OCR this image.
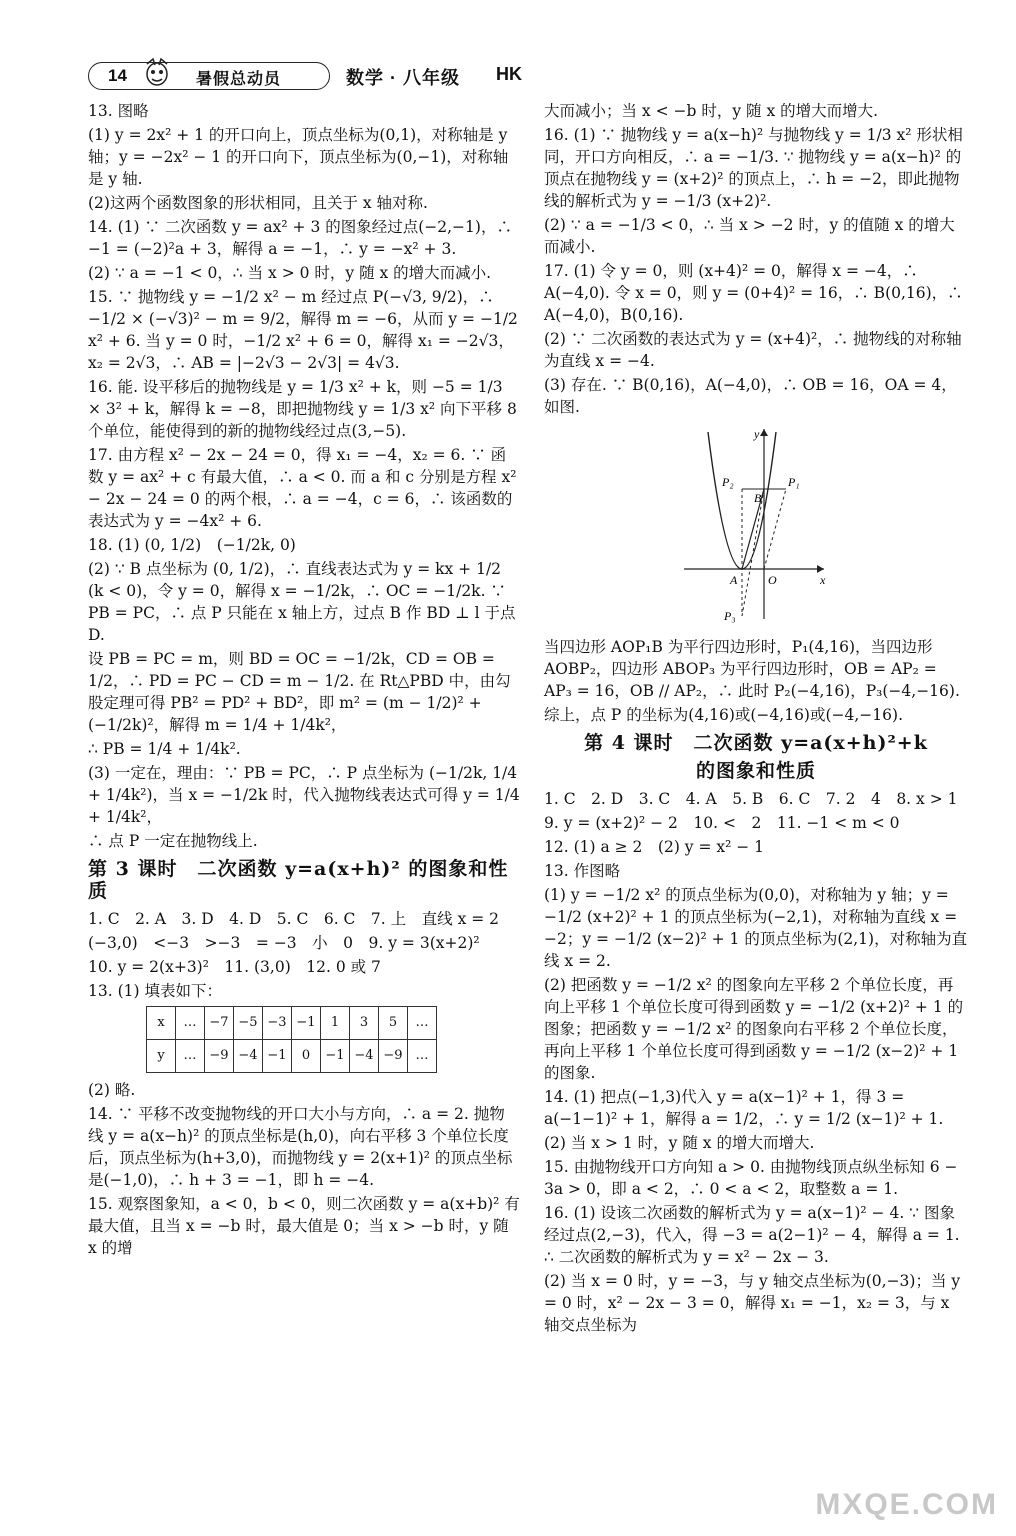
14	暑假总动员	数学 · 八年级 HK

13. 图略

(1) y = 2x² + 1 的开口向上，顶点坐标为(0,1)，对称轴是 y 轴；y = −2x² − 1 的开口向下，顶点坐标为(0,−1)，对称轴是 y 轴.

(2)这两个函数图象的形状相同，且关于 x 轴对称.

14. (1) ∵ 二次函数 y = ax² + 3 的图象经过点(−2,−1)，∴ −1 = (−2)²a + 3，解得 a = −1，∴ y = −x² + 3.

(2) ∵ a = −1 < 0，∴ 当 x > 0 时，y 随 x 的增大而减小.

15. ∵ 抛物线 y = −1/2 x² − m 经过点 P(−√3, 9/2)，∴ −1/2 × (−√3)² − m = 9/2，解得 m = −6，从而 y = −1/2 x² + 6. 当 y = 0 时，−1/2 x² + 6 = 0，解得 x₁ = −2√3，x₂ = 2√3，∴ AB = |−2√3 − 2√3| = 4√3.

16. 能. 设平移后的抛物线是 y = 1/3 x² + k，则 −5 = 1/3 × 3² + k，解得 k = −8，即把抛物线 y = 1/3 x² 向下平移 8 个单位，能使得到的新的抛物线经过点(3,−5).

17. 由方程 x² − 2x − 24 = 0，得 x₁ = −4，x₂ = 6. ∵ 函数 y = ax² + c 有最大值，∴ a < 0. 而 a 和 c 分别是方程 x² − 2x − 24 = 0 的两个根，∴ a = −4，c = 6，∴ 该函数的表达式为 y = −4x² + 6.

18. (1) (0, 1/2)　(−1/2k, 0)

(2) ∵ B 点坐标为 (0, 1/2)，∴ 直线表达式为 y = kx + 1/2 (k < 0)，令 y = 0，解得 x = −1/2k，∴ OC = −1/2k. ∵ PB = PC，∴ 点 P 只能在 x 轴上方，过点 B 作 BD ⊥ l 于点 D.

设 PB = PC = m，则 BD = OC = −1/2k，CD = OB = 1/2，∴ PD = PC − CD = m − 1/2. 在 Rt△PBD 中，由勾股定理可得 PB² = PD² + BD²，即 m² = (m − 1/2)² + (−1/2k)²，解得 m = 1/4 + 1/4k²，

∴ PB = 1/4 + 1/4k².

(3) 一定在，理由：∵ PB = PC，∴ P 点坐标为 (−1/2k, 1/4 + 1/4k²)，当 x = −1/2k 时，代入抛物线表达式可得 y = 1/4 + 1/4k²，

∴ 点 P 一定在抛物线上.

第 3 课时　二次函数 y=a(x+h)² 的图象和性质

1. C　2. A　3. D　4. D　5. C　6. C　7. 上　直线 x = 2

(−3,0)　<−3　>−3　= −3　小　0　9. y = 3(x+2)²

10. y = 2(x+3)²　11. (3,0)　12. 0 或 7

13. (1) 填表如下：

x	…	−7	−5	−3	−1	1	3	5	…
y	…	−9	−4	−1	0	−1	−4	−9	…

(2) 略.

14. ∵ 平移不改变抛物线的开口大小与方向，∴ a = 2. 抛物线 y = a(x−h)² 的顶点坐标是(h,0)，向右平移 3 个单位长度后，顶点坐标为(h+3,0)，而抛物线 y = 2(x+1)² 的顶点坐标是(−1,0)，∴ h + 3 = −1，即 h = −4.

15. 观察图象知，a < 0，b < 0，则二次函数 y = a(x+b)² 有最大值，且当 x = −b 时，最大值是 0；当 x > −b 时，y 随 x 的增

大而减小；当 x < −b 时，y 随 x 的增大而增大.

16. (1) ∵ 抛物线 y = a(x−h)² 与抛物线 y = 1/3 x² 形状相同，开口方向相反，∴ a = −1/3. ∵ 抛物线 y = a(x−h)² 的顶点在抛物线 y = (x+2)² 的顶点上，∴ h = −2，即此抛物线的解析式为 y = −1/3 (x+2)².

(2) ∵ a = −1/3 < 0，∴ 当 x > −2 时，y 的值随 x 的增大而减小.

17. (1) 令 y = 0，则 (x+4)² = 0，解得 x = −4，∴ A(−4,0). 令 x = 0，则 y = (0+4)² = 16，∴ B(0,16)，∴ A(−4,0)，B(0,16).

(2) ∵ 二次函数的表达式为 y = (x+4)²，∴ 抛物线的对称轴为直线 x = −4.

(3) 存在. ∵ B(0,16)，A(−4,0)，∴ OB = 16，OA = 4，如图.

y
x
O
A
B
P₁
P₂
P₃

当四边形 AOP₁B 为平行四边形时，P₁(4,16)，当四边形 AOBP₂，四边形 ABOP₃ 为平行四边形时，OB = AP₂ = AP₃ = 16，OB // AP₂，∴ 此时 P₂(−4,16)，P₃(−4,−16).

综上，点 P 的坐标为(4,16)或(−4,16)或(−4,−16).

第 4 课时　二次函数 y=a(x+h)²+k

的图象和性质

1. C　2. D　3. C　4. A　5. B　6. C　7. 2　4　8. x > 1

9. y = (x+2)² − 2　10. <　2　11. −1 < m < 0

12. (1) a ≥ 2　(2) y = x² − 1

13. 作图略

(1) y = −1/2 x² 的顶点坐标为(0,0)，对称轴为 y 轴；y = −1/2 (x+2)² + 1 的顶点坐标为(−2,1)，对称轴为直线 x = −2；y = −1/2 (x−2)² + 1 的顶点坐标为(2,1)，对称轴为直线 x = 2.

(2) 把函数 y = −1/2 x² 的图象向左平移 2 个单位长度，再向上平移 1 个单位长度可得到函数 y = −1/2 (x+2)² + 1 的图象；把函数 y = −1/2 x² 的图象向右平移 2 个单位长度，再向上平移 1 个单位长度可得到函数 y = −1/2 (x−2)² + 1 的图象.

14. (1) 把点(−1,3)代入 y = a(x−1)² + 1，得 3 = a(−1−1)² + 1，解得 a = 1/2，∴ y = 1/2 (x−1)² + 1.

(2) 当 x > 1 时，y 随 x 的增大而增大.

15. 由抛物线开口方向知 a > 0. 由抛物线顶点纵坐标知 6 − 3a > 0，即 a < 2，∴ 0 < a < 2，取整数 a = 1.

16. (1) 设该二次函数的解析式为 y = a(x−1)² − 4. ∵ 图象经过点(2,−3)，代入，得 −3 = a(2−1)² − 4，解得 a = 1. ∴ 二次函数的解析式为 y = x² − 2x − 3.

(2) 当 x = 0 时，y = −3，与 y 轴交点坐标为(0,−3)；当 y = 0 时，x² − 2x − 3 = 0，解得 x₁ = −1，x₂ = 3，与 x 轴交点坐标为

MXQE.COM
